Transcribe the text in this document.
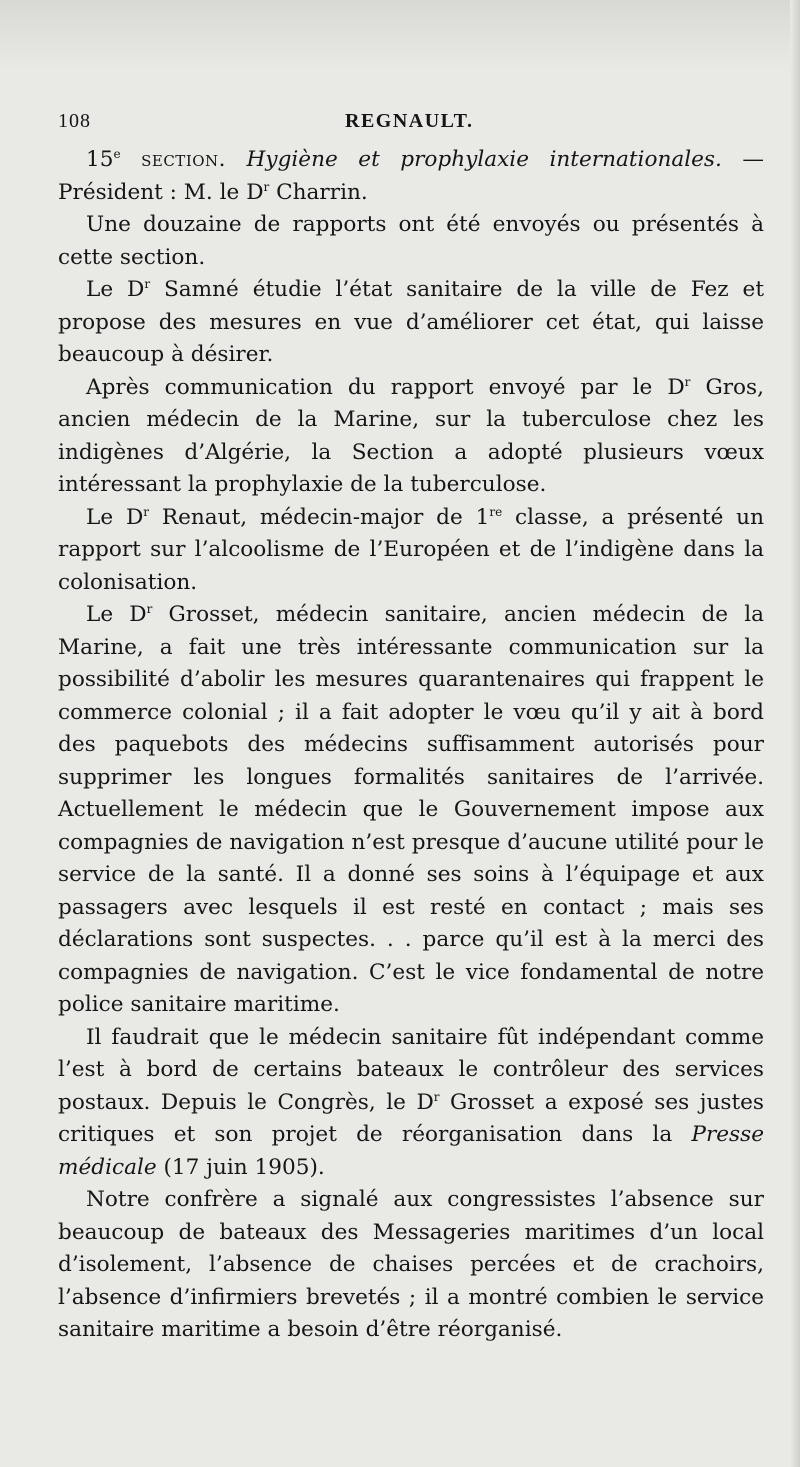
108	REGNAULT.

15e section. Hygiène et prophylaxie internationales. — Président : M. le $D^r$ Charrin.

Une douzaine de rapports ont été envoyés ou présentés à cette section.

Le $D^r$ Samné étudie l’état sanitaire de la ville de Fez et propose des mesures en vue d’améliorer cet état, qui laisse beaucoup à désirer.

Après communication du rapport envoyé par le $D^r$ Gros, ancien médecin de la Marine, sur la tuberculose chez les indigènes d’Algérie, la Section a adopté plusieurs vœux intéressant la prophylaxie de la tuberculose.

Le $D^r$ Renaut, médecin-major de 1re classe, a présenté un rapport sur l’alcoolisme de l’Européen et de l’indigène dans la colonisation.

Le $D^r$ Grosset, médecin sanitaire, ancien médecin de la Marine, a fait une très intéressante communication sur la possibilité d’abolir les mesures quarantenaires qui frappent le commerce colonial ; il a fait adopter le vœu qu’il y ait à bord des paquebots des médecins suffisamment autorisés pour supprimer les longues formalités sanitaires de l’arrivée. Actuellement le médecin que le Gouvernement impose aux compagnies de navigation n’est presque d’aucune utilité pour le service de la santé. Il a donné ses soins à l’équipage et aux passagers avec lesquels il est resté en contact ; mais ses déclarations sont suspectes. . . parce qu’il est à la merci des compagnies de navigation. C’est le vice fondamental de notre police sanitaire maritime.

Il faudrait que le médecin sanitaire fût indépendant comme l’est à bord de certains bateaux le contrôleur des services postaux. Depuis le Congrès, le $D^r$ Grosset a exposé ses justes critiques et son projet de réorganisation dans la Presse médicale (17 juin 1905).

Notre confrère a signalé aux congressistes l’absence sur beaucoup de bateaux des Messageries maritimes d’un local d’isolement, l’absence de chaises percées et de crachoirs, l’absence d’infirmiers brevetés ; il a montré combien le service sanitaire maritime a besoin d’être réorganisé.
